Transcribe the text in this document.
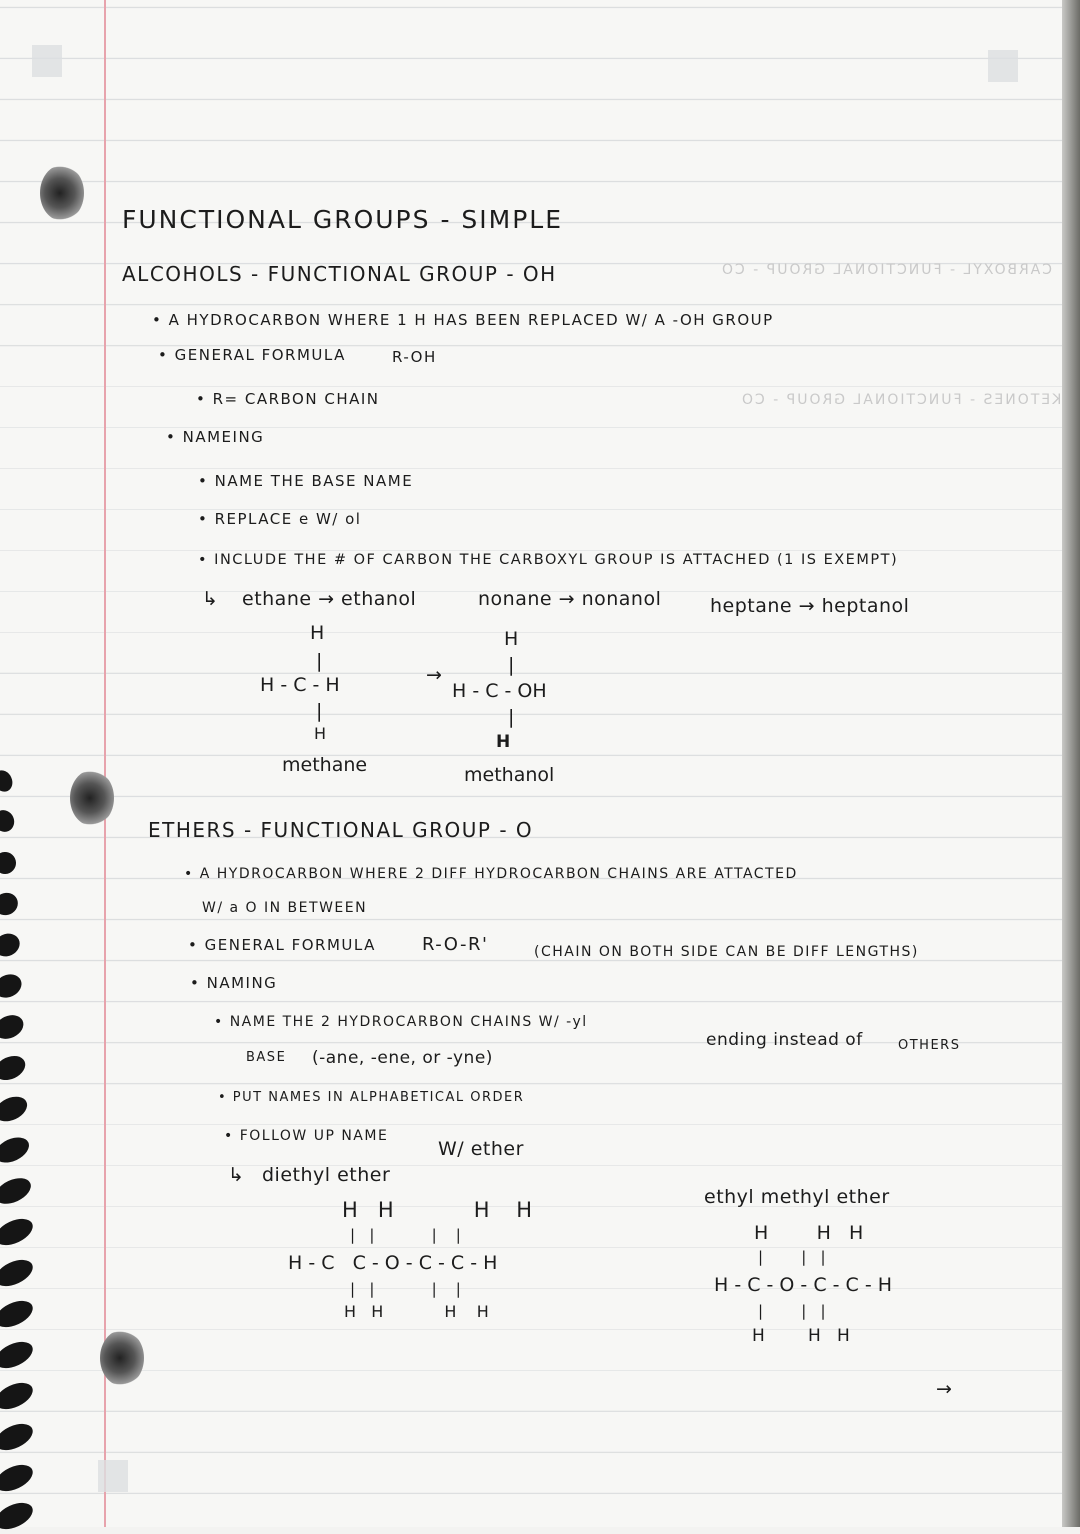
CARBOXYL - FUNCTIONAL GROUP - CO
KETONES - FUNCTIONAL GROUP - CO
FUNCTIONAL GROUPS - SIMPLE
ALCOHOLS - FUNCTIONAL GROUP - OH
• A HYDROCARBON WHERE 1 H HAS BEEN REPLACED W/ A -OH GROUP
• GENERAL FORMULA	R-OH
• R= CARBON CHAIN
• NAMEING
• NAME THE BASE NAME
• REPLACE e W/ ol
• INCLUDE THE # OF CARBON THE CARBOXYL GROUP IS ATTACHED (1 IS EXEMPT)
↳ ethane → ethanol	nonane → nonanol	heptane → heptanol
H
|
H - C - H
|
H
methane
→
H
|
H - C - OH
|
H
methanol
ETHERS - FUNCTIONAL GROUP - O
• A HYDROCARBON WHERE 2 DIFF HYDROCARBON CHAINS ARE ATTACTED
W/ a O IN BETWEEN
• GENERAL FORMULA	R-O-R'	(CHAIN ON BOTH SIDE CAN BE DIFF LENGTHS)
• NAMING
• NAME THE 2 HYDROCARBON CHAINS W/ -yl
ending instead of	OTHERS
BASE (-ane, -ene, or -yne)
• PUT NAMES IN ALPHABETICAL ORDER
• FOLLOW UP NAME
W/ ether
↳ diethyl ether
ethyl methyl ether
H   H            H    H
|   |            |    |
H - C   C - O - C - C - H
|   |            |    |
H   H            H    H
H        H   H
|        |   |
H - C - O - C - C - H
|        |   |
H        H   H
→
